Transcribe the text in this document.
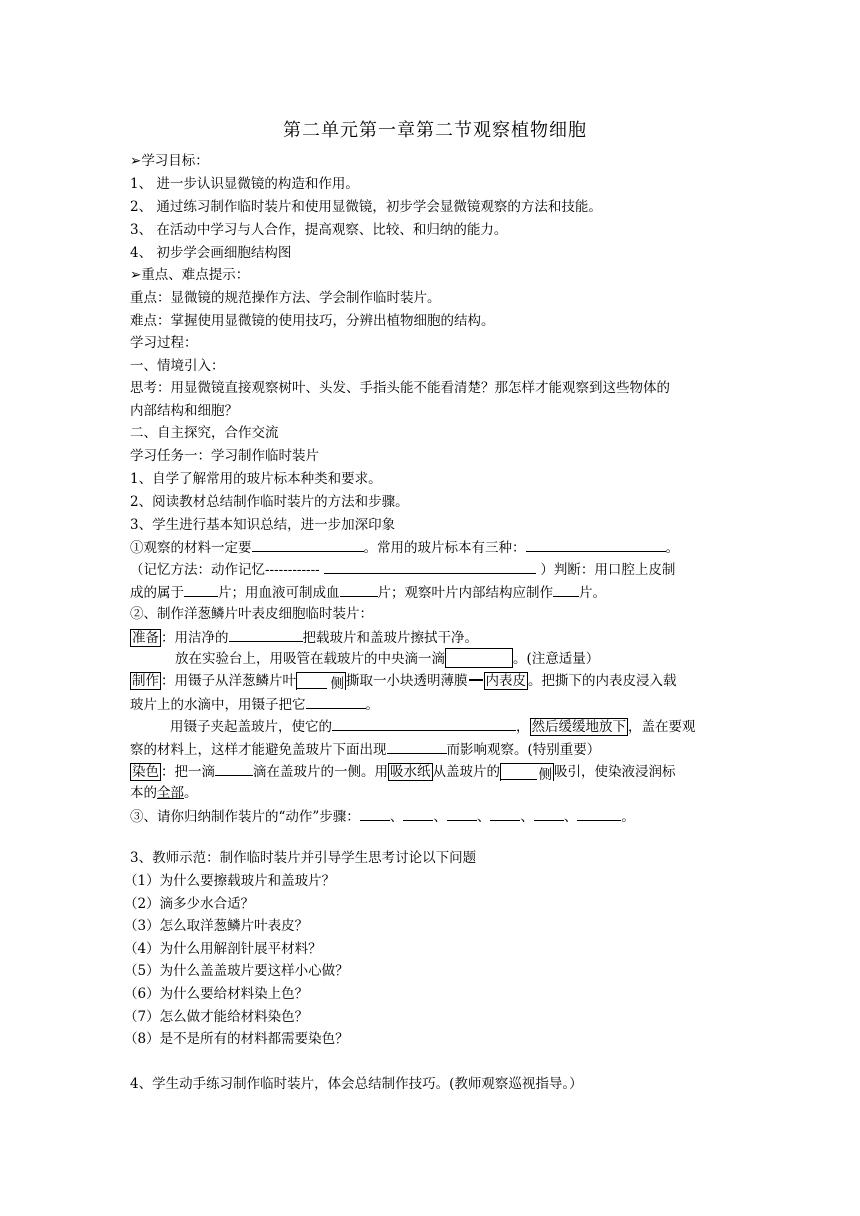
第二单元第一章第二节观察植物细胞
➢学习目标：
1、 进一步认识显微镜的构造和作用。
2、 通过练习制作临时装片和使用显微镜，初步学会显微镜观察的方法和技能。
3、 在活动中学习与人合作，提高观察、比较、和归纳的能力。
4、 初步学会画细胞结构图
➢重点、难点提示：
重点：显微镜的规范操作方法、学会制作临时装片。
难点：掌握使用显微镜的使用技巧，分辨出植物细胞的结构。
学习过程：
一、情境引入：
思考：用显微镜直接观察树叶、头发、手指头能不能看清楚？那怎样才能观察到这些物体的
内部结构和细胞？
二、自主探究，合作交流
学习任务一：学习制作临时装片
1、自学了解常用的玻片标本种类和要求。
2、阅读教材总结制作临时装片的方法和步骤。
3、学生进行基本知识总结，进一步加深印象
①观察的材料一定要	。常用的玻片标本有三种：	。
（记忆方法：动作记忆------------	）判断：用口腔上皮制
成的属于	片；用血液可制成血	片；观察叶片内部结构应制作 片。
②、制作洋葱鳞片叶表皮细胞临时装片：
准备 ：用洁净的	把载玻片和盖玻片擦拭干净。
放在实验台上，用吸管在载玻片的中央滴一滴	。(注意适量）
制作 ：用镊子从洋葱鳞片叶	侧 撕取一小块透明薄膜 内表皮 。把撕下的内表皮浸入载
玻片上的水滴中，用镊子把它	。
用镊子夹起盖玻片，使它的	， 然后缓缓地放下 ，盖在要观
察的材料上，这样才能避免盖玻片下面出现	而影响观察。(特别重要）
染色 ：把一滴	滴在盖玻片的一侧。用 吸水纸 从盖玻片的	侧 吸引，使染液浸润标
本的全部。
③、请你归纳制作装片的“动作”步骤： 、 、 、 、 、	。
3、教师示范：制作临时装片并引导学生思考讨论以下问题
（1）为什么要擦载玻片和盖玻片？
（2）滴多少水合适？
（3）怎么取洋葱鳞片叶表皮？
（4）为什么用解剖针展平材料？
（5）为什么盖盖玻片要这样小心做？
（6）为什么要给材料染上色？
（7）怎么做才能给材料染色？
（8）是不是所有的材料都需要染色？
4、学生动手练习制作临时装片，体会总结制作技巧。(教师观察巡视指导。）
